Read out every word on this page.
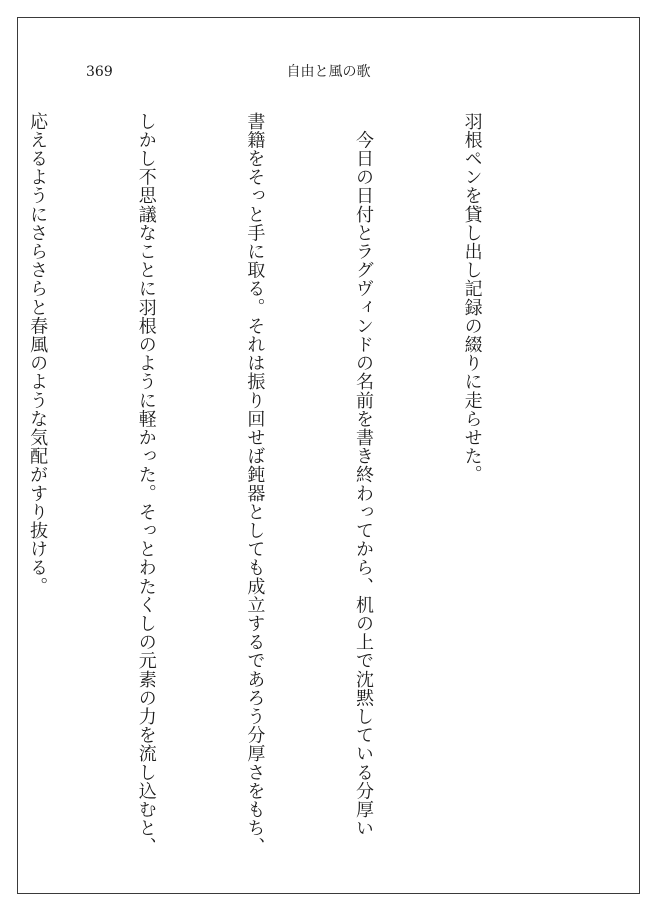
369	自由と風の歌

羽根ペンを貸し出し記録の綴りに走らせた。

　今日の日付とラグヴィンドの名前を書き終わってから、机の上で沈黙している分厚い

書籍をそっと手に取る。それは振り回せば鈍器としても成立するであろう分厚さをもち、

しかし不思議なことに羽根のように軽かった。そっとわたくしの元素の力を流し込むと、

応えるようにさらさらと春風のような気配がすり抜ける。
